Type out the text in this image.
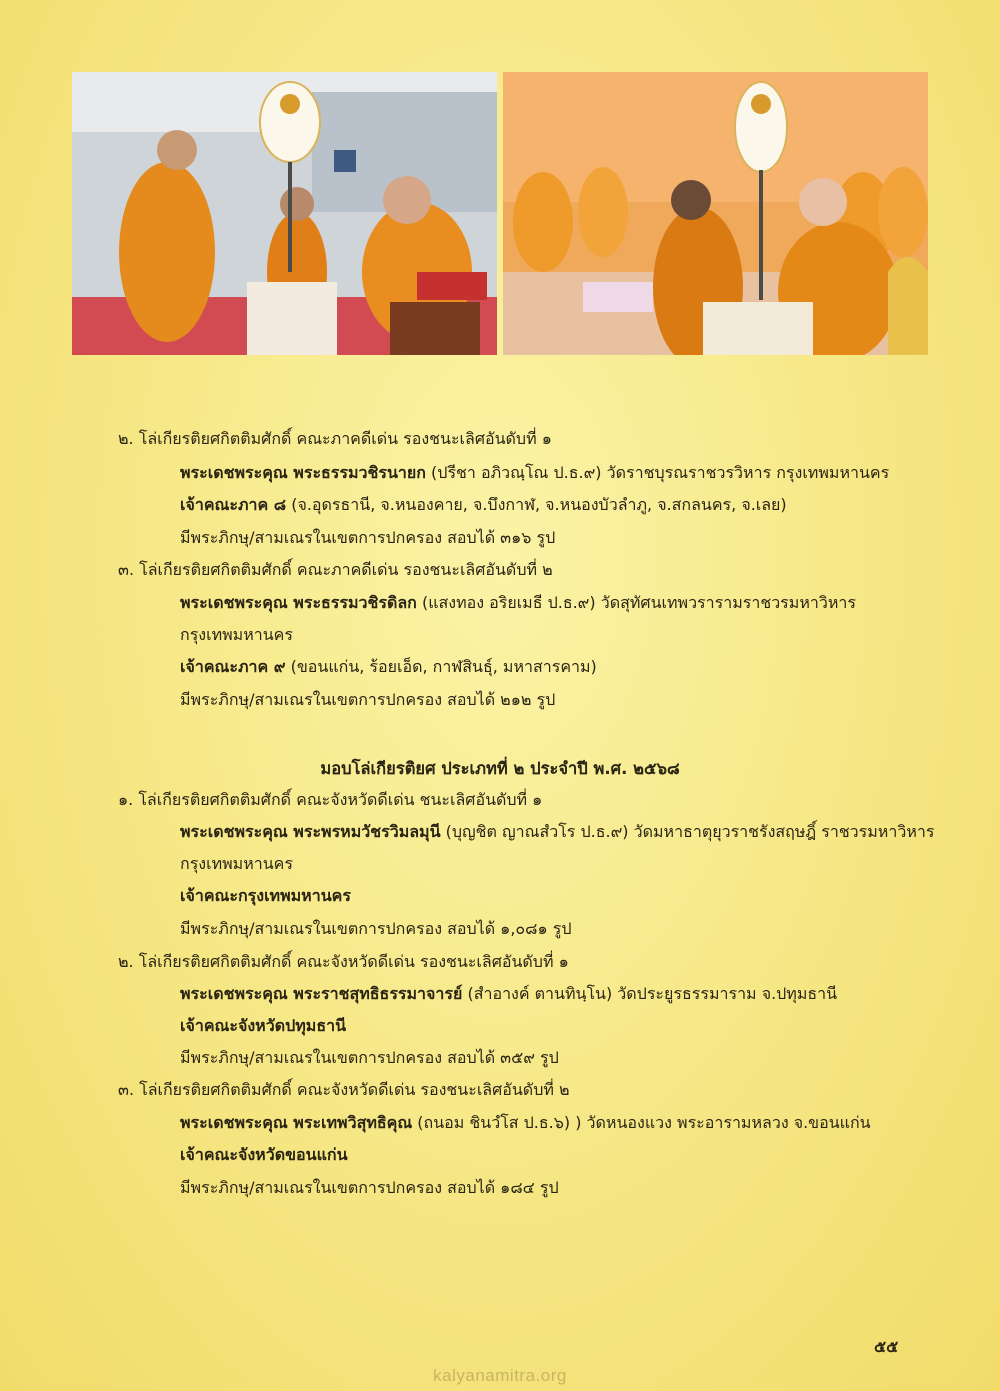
๒. โล่เกียรติยศกิตติมศักดิ์ คณะภาคดีเด่น รองชนะเลิศอันดับที่ ๑
พระเดชพระคุณ พระธรรมวชิรนายก (ปรีชา อภิวณฺโณ ป.ธ.๙) วัดราชบุรณราชวรวิหาร กรุงเทพมหานคร
เจ้าคณะภาค ๘ (จ.อุดรธานี, จ.หนองคาย, จ.บึงกาฬ, จ.หนองบัวลำภู, จ.สกลนคร, จ.เลย)
มีพระภิกษุ/สามเณรในเขตการปกครอง สอบได้ ๓๑๖ รูป
๓. โล่เกียรติยศกิตติมศักดิ์ คณะภาคดีเด่น รองชนะเลิศอันดับที่ ๒
พระเดชพระคุณ พระธรรมวชิรดิลก (แสงทอง อริยเมธี ป.ธ.๙) วัดสุทัศนเทพวรารามราชวรมหาวิหาร
กรุงเทพมหานคร
เจ้าคณะภาค ๙ (ขอนแก่น, ร้อยเอ็ด, กาฬสินธุ์, มหาสารคาม)
มีพระภิกษุ/สามเณรในเขตการปกครอง สอบได้ ๒๑๒ รูป
มอบโล่เกียรติยศ ประเภทที่ ๒ ประจำปี พ.ศ. ๒๕๖๘
๑. โล่เกียรติยศกิตติมศักดิ์ คณะจังหวัดดีเด่น ชนะเลิศอันดับที่ ๑
พระเดชพระคุณ พระพรหมวัชรวิมลมุนี (บุญชิต ญาณสํวโร ป.ธ.๙) วัดมหาธาตุยุวราชรังสฤษฎิ์ ราชวรมหาวิหาร
กรุงเทพมหานคร
เจ้าคณะกรุงเทพมหานคร
มีพระภิกษุ/สามเณรในเขตการปกครอง สอบได้ ๑,๐๘๑ รูป
๒. โล่เกียรติยศกิตติมศักดิ์ คณะจังหวัดดีเด่น รองชนะเลิศอันดับที่ ๑
พระเดชพระคุณ พระราชสุทธิธรรมาจารย์ (สำอางค์ ตานทินฺโน) วัดประยูรธรรมาราม จ.ปทุมธานี
เจ้าคณะจังหวัดปทุมธานี
มีพระภิกษุ/สามเณรในเขตการปกครอง สอบได้ ๓๕๙ รูป
๓. โล่เกียรติยศกิตติมศักดิ์ คณะจังหวัดดีเด่น รองชนะเลิศอันดับที่ ๒
พระเดชพระคุณ พระเทพวิสุทธิคุณ (ถนอม ชินวํโส ป.ธ.๖) ) วัดหนองแวง พระอารามหลวง จ.ขอนแก่น
เจ้าคณะจังหวัดขอนแก่น
มีพระภิกษุ/สามเณรในเขตการปกครอง สอบได้ ๑๘๔ รูป
๕๕
kalyanamitra.org
